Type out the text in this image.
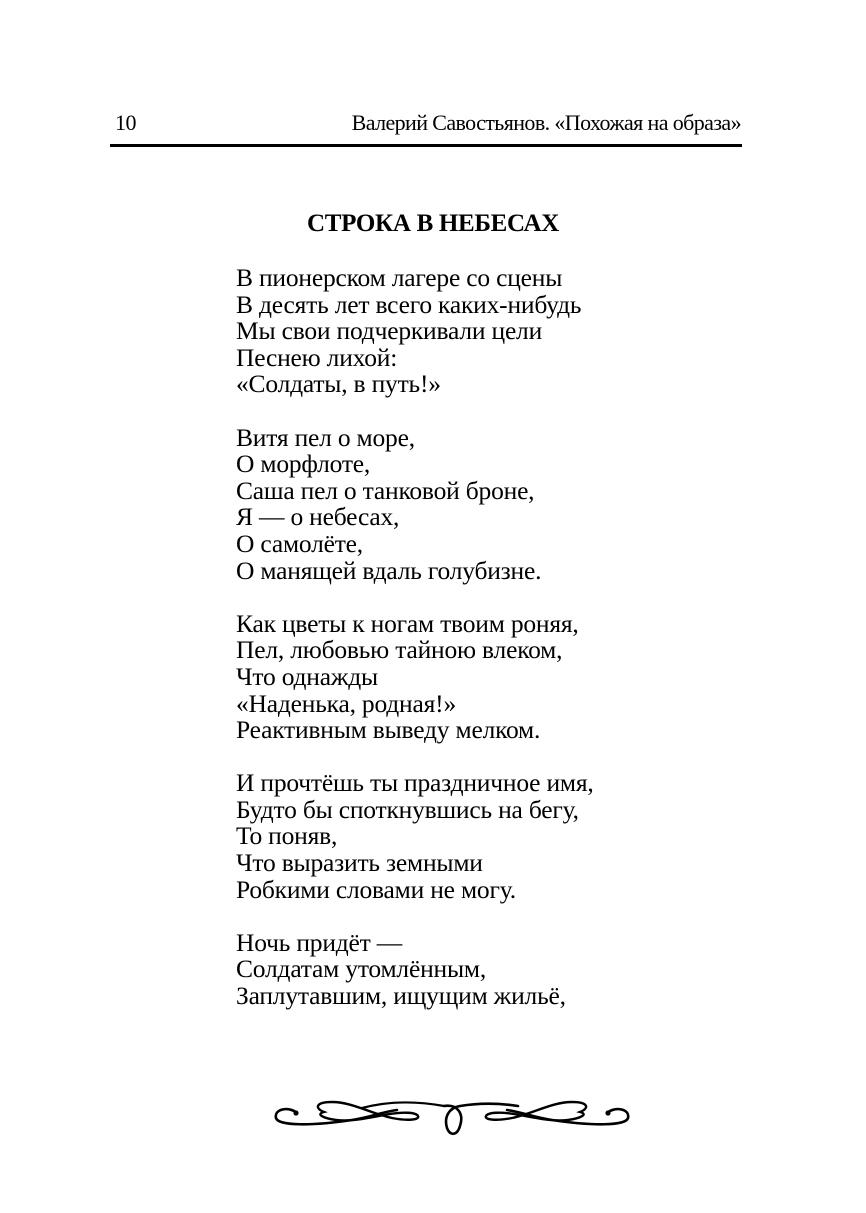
10	Валерий Савостьянов. «Похожая на образа»
СТРОКА В НЕБЕСАХ
В пионерском лагере со сцены
В десять лет всего каких-нибудь
Мы свои подчеркивали цели
Песнею лихой:
«Солдаты, в путь!»
Витя пел о море,
О морфлоте,
Саша пел о танковой броне,
Я — о небесах,
О самолёте,
О манящей вдаль голубизне.
Как цветы к ногам твоим роняя,
Пел, любовью тайною влеком,
Что однажды
«Наденька, родная!»
Реактивным выведу мелком.
И прочтёшь ты праздничное имя,
Будто бы споткнувшись на бегу,
То поняв,
Что выразить земными
Робкими словами не могу.
Ночь придёт —
Солдатам утомлённым,
Заплутавшим, ищущим жильё,
